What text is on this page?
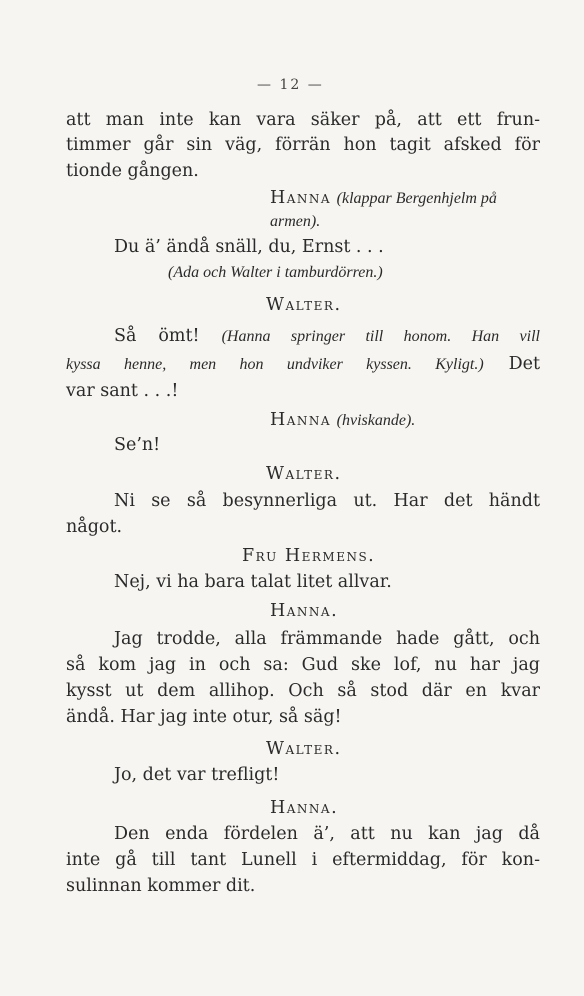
— 12 —

att man inte kan vara säker på, att ett frun-

timmer går sin väg, förrän hon tagit afsked för

tionde gången.

Hanna (klappar Bergenhjelm på

armen).

Du ä’ ändå snäll, du, Ernst . . .

(Ada och Walter i tamburdörren.)

Walter.

Så ömt! (Hanna springer till honom. Han vill

kyssa henne, men hon undviker kyssen. Kyligt.) Det

var sant . . .!

Hanna (hviskande).

Se’n!

Walter.

Ni se så besynnerliga ut. Har det händt

något.

Fru Hermens.

Nej, vi ha bara talat litet allvar.

Hanna.

Jag trodde, alla främmande hade gått, och

så kom jag in och sa: Gud ske lof, nu har jag

kysst ut dem allihop. Och så stod där en kvar

ändå. Har jag inte otur, så säg!

Walter.

Jo, det var trefligt!

Hanna.

Den enda fördelen ä’, att nu kan jag då

inte gå till tant Lunell i eftermiddag, för kon-

sulinnan kommer dit.
